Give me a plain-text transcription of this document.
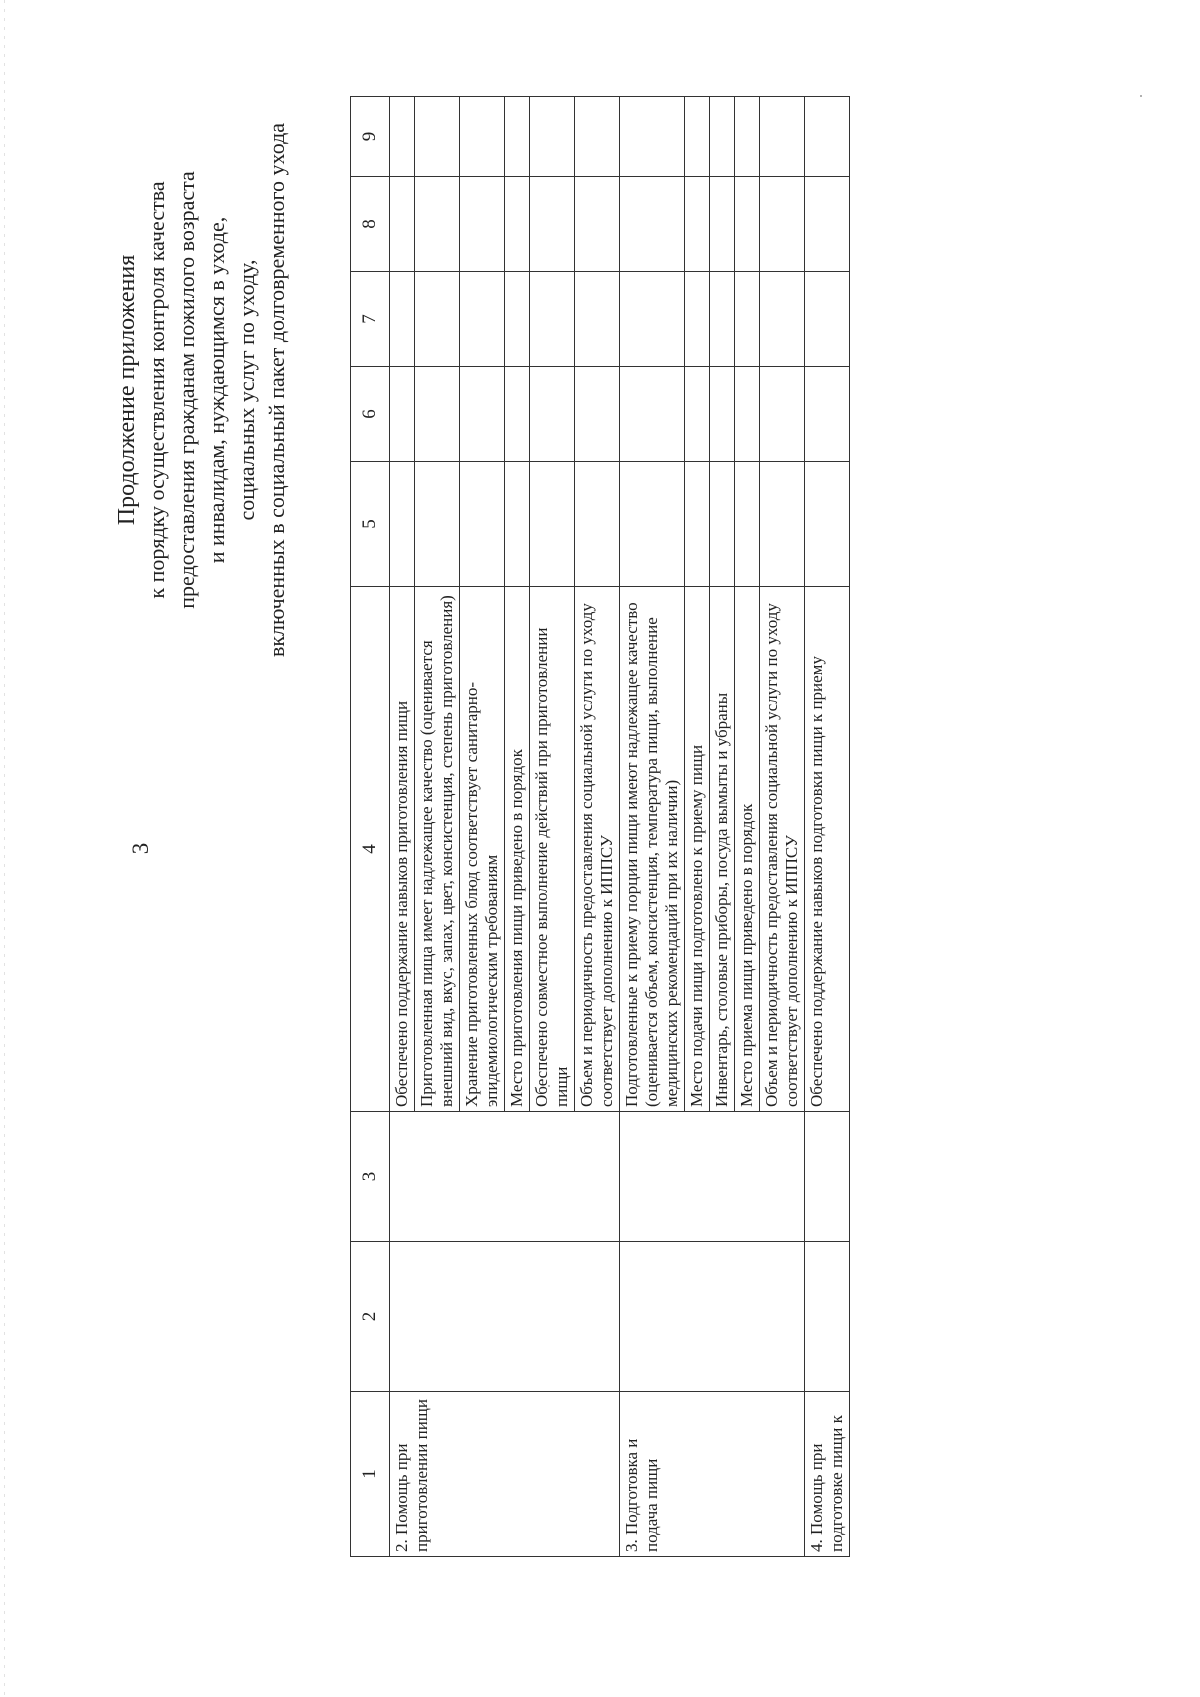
3
Продолжение приложения к порядку осуществления контроля качества предоставления гражданам пожилого возраста и инвалидам, нуждающимся в уходе, социальных услуг по уходу, включенных в социальный пакет долговременного ухода
1	2	3	4	5	6	7	8	9
2. Помощь при приготовлении пищи			Обеспечено поддержание навыков приготовления пищи					
			Приготовленная пища имеет надлежащее качество (оценивается внешний вид, вкус, запах, цвет, консистенция, степень приготовления)					
			Хранение приготовленных блюд соответствует санитарно-эпидемиологическим требованиям					
			Место приготовления пищи приведено в порядок					
			Обеспечено совместное выполнение действий при приготовлении пищи					
			Объем и периодичность предоставления социальной услуги по уходу соответствует дополнению к ИППСУ					
3. Подготовка и подача пищи			Подготовленные к приему порции пищи имеют надлежащее качество (оценивается объем, консистенция, температура пищи, выполнение медицинских рекомендаций при их наличии)					
			Место подачи пищи подготовлено к приему пищи					
			Инвентарь, столовые приборы, посуда вымыты и убраны					
			Место приема пищи приведено в порядок					
			Объем и периодичность предоставления социальной услуги по уходу соответствует дополнению к ИППСУ					
4. Помощь при подготовке пищи к			Обеспечено поддержание навыков подготовки пищи к приему					
